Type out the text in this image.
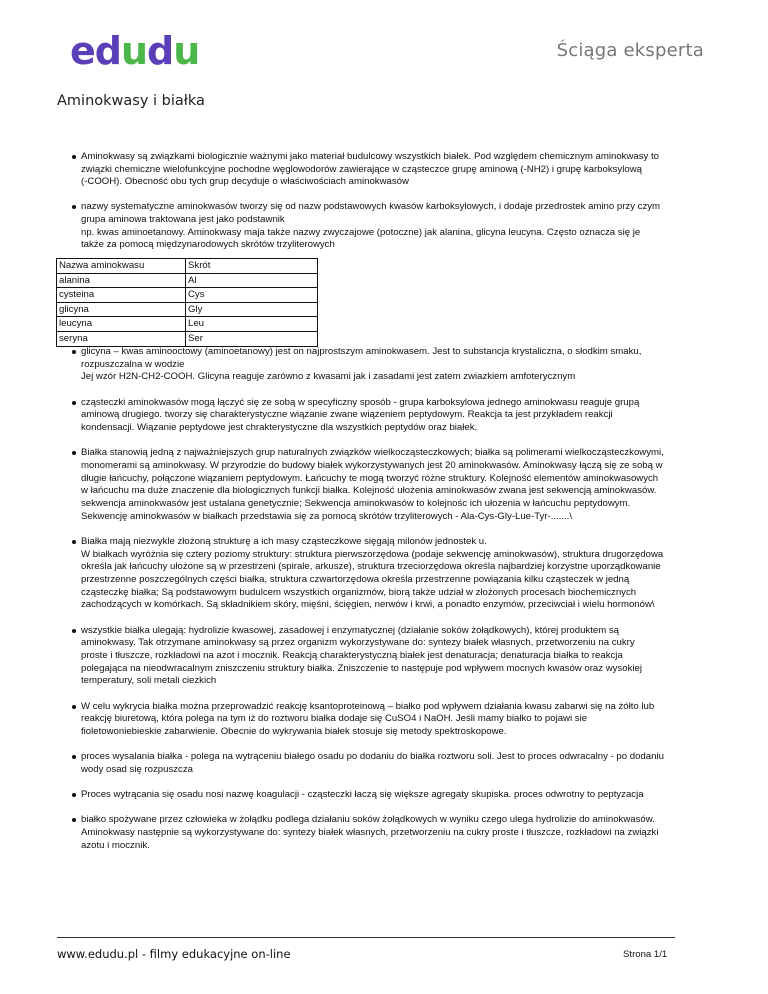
edudu	Ściąga eksperta
Aminokwasy i białka
Aminokwasy są związkami biologicznie ważnymi jako materiał budulcowy wszystkich białek. Pod względem chemicznym aminokwasy to
związki chemiczne wielofunkcyjne pochodne węglowodorów zawierające w cząsteczce grupę aminową (-NH2) i grupę karboksylową
(-COOH). Obecność obu tych grup decyduje o właściwościach aminokwasów
nazwy systematyczne aminokwasów tworzy się od nazw podstawowych kwasów karboksylowych, i dodaje przedrostek amino przy czym
grupa aminowa traktowana jest jako podstawnik
np. kwas aminoetanowy. Aminokwasy maja także nazwy zwyczajowe (potoczne) jak alanina, glicyna leucyna. Często oznacza się je
także za pomocą międzynarodowych skrótów trzyliterowych
Nazwa aminokwasu	Skrót
alanina	Al
cysteina	Cys
glicyna	Gly
leucyna	Leu
seryna	Ser
glicyna – kwas aminooctowy (aminoetanowy) jest on najprostszym aminokwasem. Jest to substancja krystaliczna, o słodkim smaku,
rozpuszczalna w wodzie
Jej wzór H2N-CH2-COOH. Glicyna reaguje zarówno z kwasami jak i zasadami jest zatem zwiazkiem amfoterycznym
cząsteczki aminokwasów mogą łączyć się ze sobą w specyficzny sposób - grupa karboksylowa jednego aminokwasu reaguje grupą
aminową drugiego. tworzy się charakterystyczne wiązanie zwane wiązeniem peptydowym. Reakcja ta jest przykładem reakcji
kondensacji. Wiązanie peptydowe jest chrakterystyczne dla wszystkich peptydów oraz białek.
Białka stanowią jedną z najważniejszych grup naturalnych związków wielkocząsteczkowych; białka są polimerami wielkocząsteczkowymi,
monomerami są aminokwasy. W przyrodzie do budowy białek wykorzystywanych jest 20 aminokwasów. Aminokwasy łączą się ze sobą w
długie łańcuchy, połączone wiązaniem peptydowym. Łańcuchy te mogą tworzyć różne struktury. Kolejność elementów aminokwasowych
w łańcuchu ma duże znaczenie dla biologicznych funkcji białka. Kolejność ułożenia aminokwasów zwana jest sekwencją aminokwasów.
sekwencja aminokwasów jest ustalana genetycznie; Sekwencja aminokwasów to kolejnośc ich ułozenia w łańcuchu peptydowym.
Sekwencję aminokwasów w białkach przedstawia się za pomocą skrótów trzyliterowych - Ala-Cys-Gly-Lue-Tyr-.......\
Białka mają niezwykle złożoną strukturę a ich masy cząsteczkowe sięgają milonów jednostek u.
W białkach wyróżnia się cztery poziomy struktury: struktura pierwszorzędowa (podaje sekwencję aminokwasów), struktura drugorzędowa
określa jak łańcuchy ułożone są w przestrzeni (spirale, arkusze), struktura trzeciorzędowa określa najbardziej korzystne uporządkowanie
przestrzenne poszczególnych części białka, struktura czwartorzędowa określa przestrzenne powiązania kilku cząsteczek w jedną
cząsteczkę białka; Są podstawowym budulcem wszystkich organizmów, biorą także udział w złożonych procesach biochemicznych
zachodzących w komórkach. Są składnikiem skóry, mięśni, ścięgien, nerwów i krwi, a ponadto enzymów, przeciwciał i wielu hormonów\
wszystkie białka ulegają: hydrolizie kwasowej, zasadowej i enzymatycznej (działanie soków żołądkowych), której produktem są
aminokwasy. Tak otrzymane aminokwasy są przez organizm wykorzystywane do: syntezy białek własnych, przetworzeniu na cukry
proste i tłuszcze, rozkładowi na azot i mocznik. Reakcją charakterystyczną białek jest denaturacja; denaturacja białka to reakcja
polegająca na nieodwracalnym zniszczeniu struktury białka. Zniszczenie to następuje pod wpływem mocnych kwasów oraz wysokiej
temperatury, soli metali ciezkich
W celu wykrycia białka można przeprowadzić reakcję ksantoproteinową – białko pod wpływem działania kwasu zabarwi się na żółto lub
reakcję biuretową, która polega na tym iż do roztworu białka dodaje się CuSO4 i NaOH. Jeśli mamy białko to pojawi sie
fioletowoniebieskie zabarwienie. Obecnie do wykrywania białek stosuje się metody spektroskopowe.
proces wysalania białka - polega na wytrąceniu białego osadu po dodaniu do białka roztworu soli. Jest to proces odwracalny - po dodaniu
wody osad się rozpuszcza
Proces wytrącania się osadu nosi nazwę koagulacji - cząsteczki łaczą się większe agregaty skupiska. proces odwrotny to peptyzacja
białko spożywane przez człowieka w żołądku podlega działaniu soków żołądkowych w wyniku czego ulega hydrolizie do aminokwasów.
Aminokwasy następnie są wykorzystywane do: syntezy białek własnych, przetworzeniu na cukry proste i tłuszcze, rozkładowi na związki
azotu i mocznik.
www.edudu.pl - filmy edukacyjne on-line	Strona 1/1
